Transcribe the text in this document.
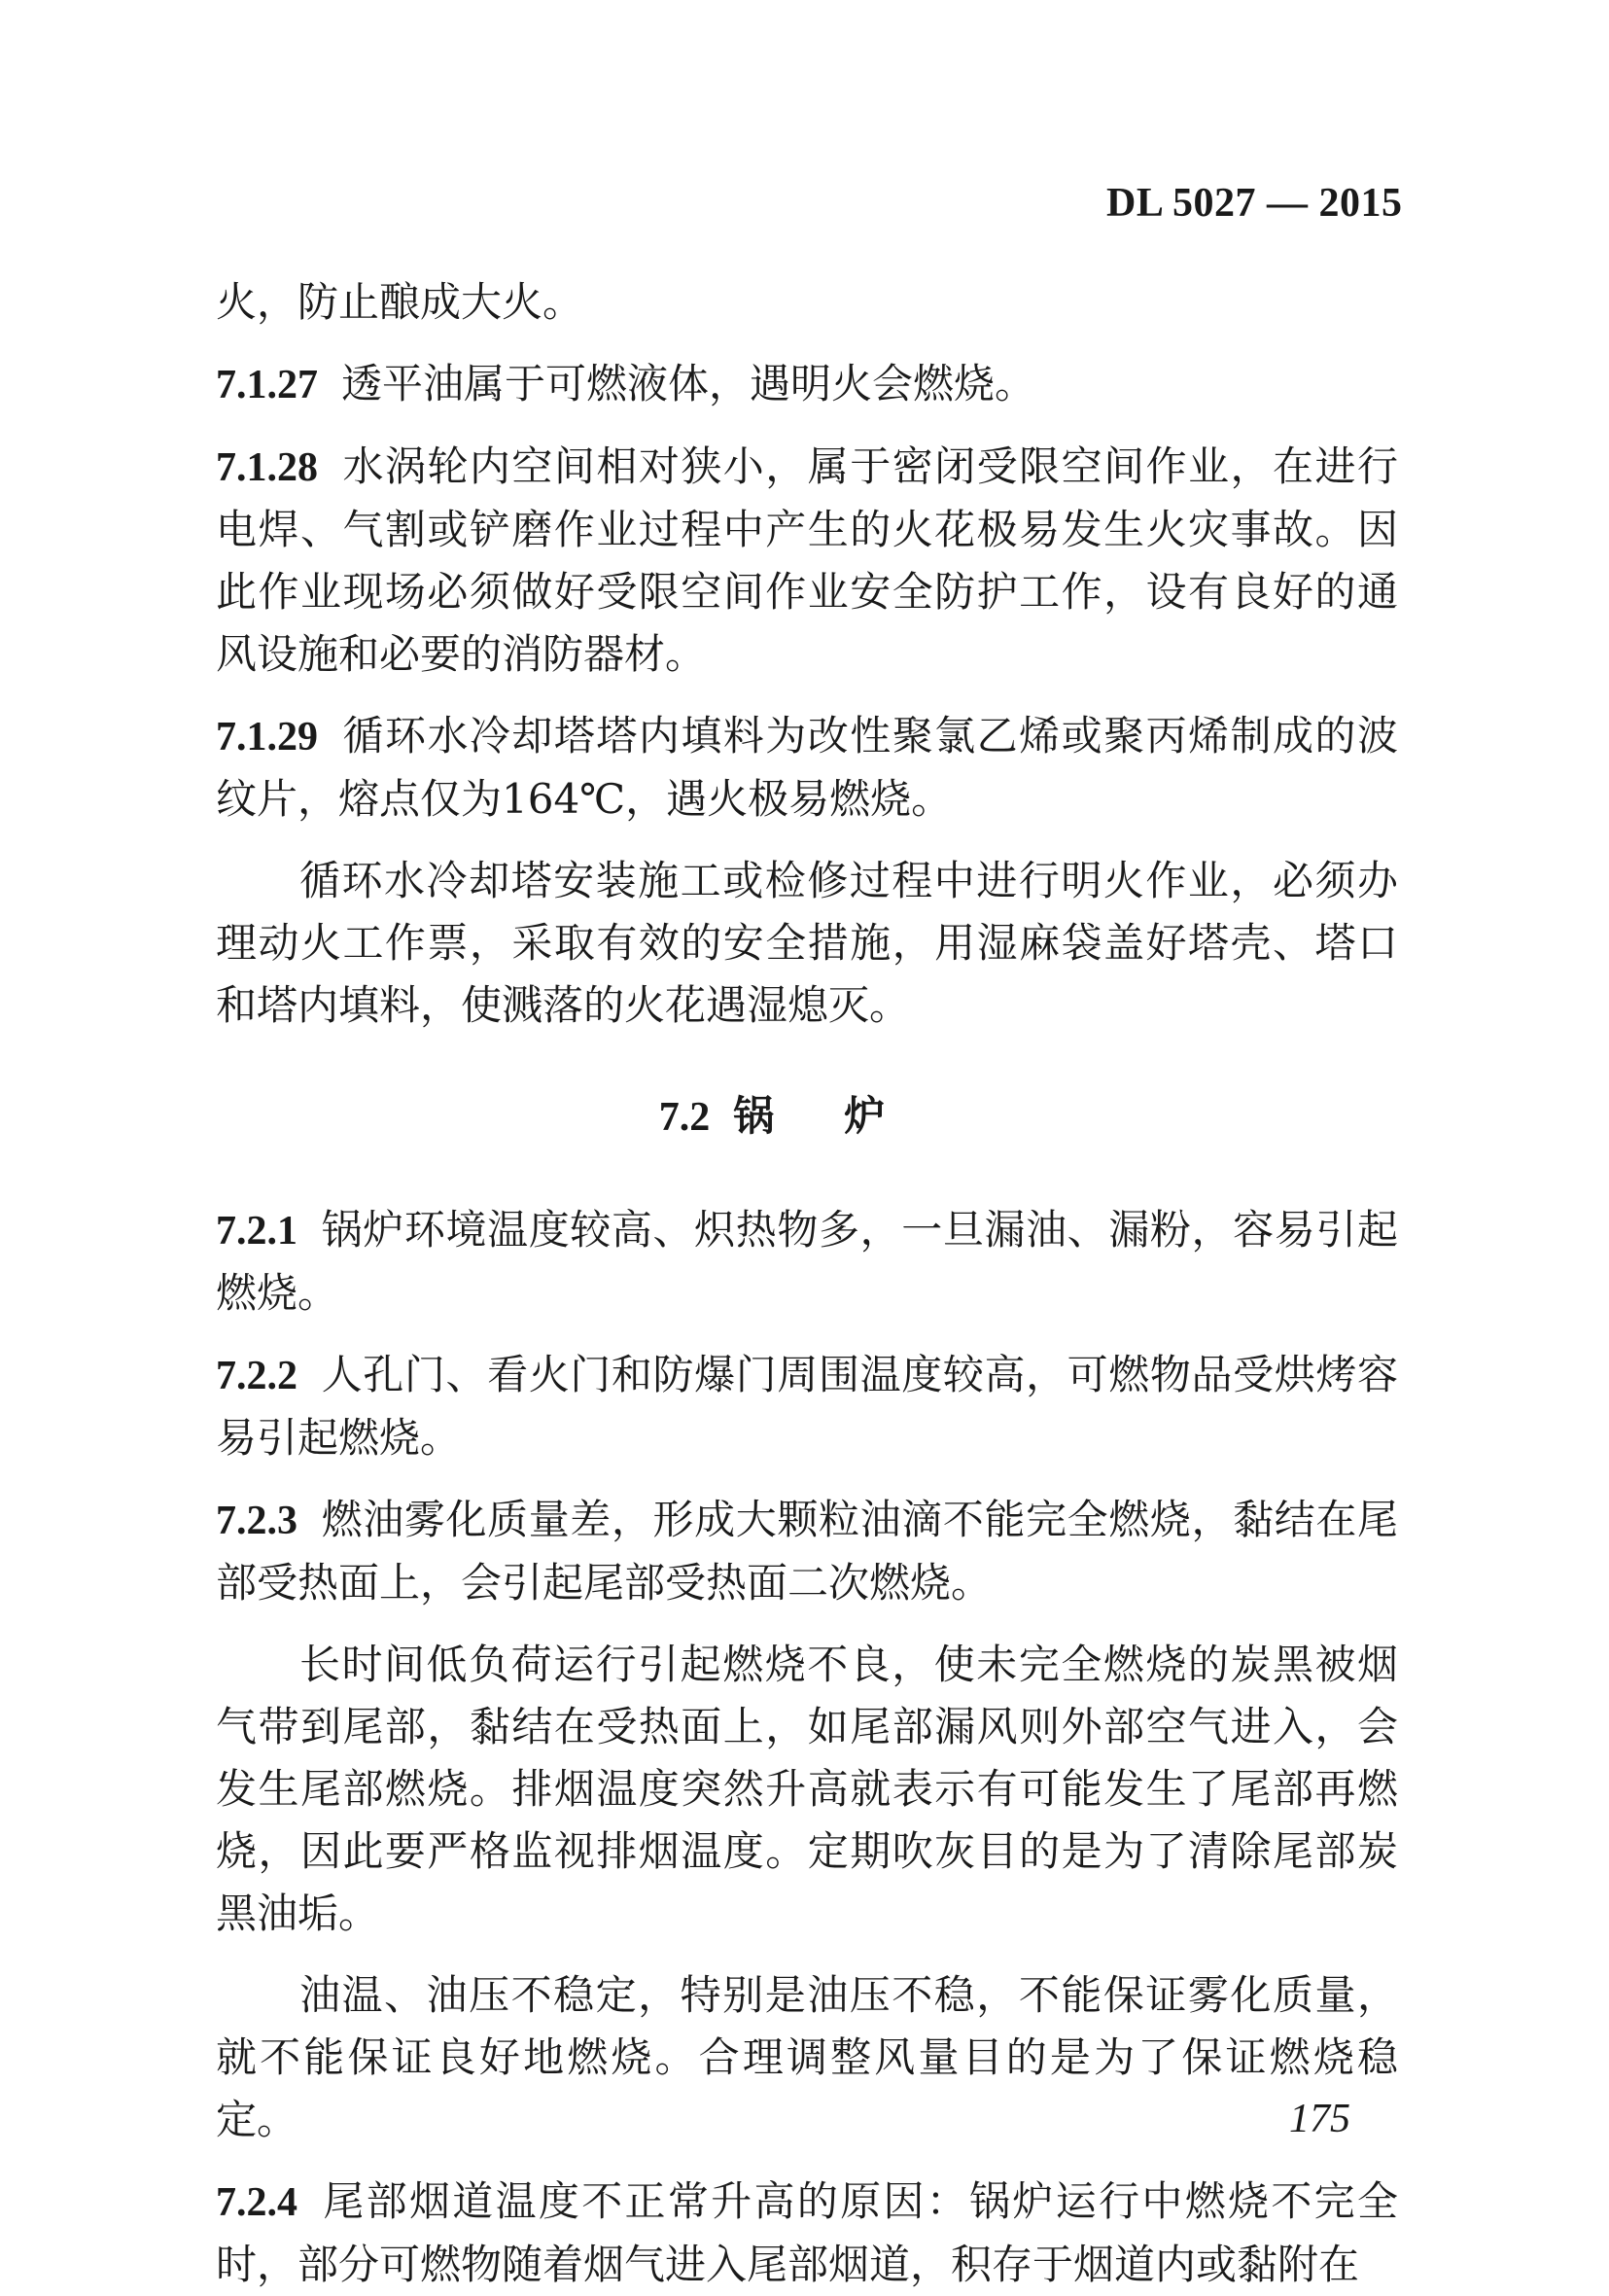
DL 5027 — 2015

火，防止酿成大火。

7.1.27 透平油属于可燃液体，遇明火会燃烧。

7.1.28 水涡轮内空间相对狭小，属于密闭受限空间作业，在进行电焊、气割或铲磨作业过程中产生的火花极易发生火灾事故。因此作业现场必须做好受限空间作业安全防护工作，设有良好的通风设施和必要的消防器材。

7.1.29 循环水冷却塔塔内填料为改性聚氯乙烯或聚丙烯制成的波纹片，熔点仅为164℃，遇火极易燃烧。

循环水冷却塔安装施工或检修过程中进行明火作业，必须办理动火工作票，采取有效的安全措施，用湿麻袋盖好塔壳、塔口和塔内填料，使溅落的火花遇湿熄灭。

7.2 锅炉

7.2.1 锅炉环境温度较高、炽热物多，一旦漏油、漏粉，容易引起燃烧。

7.2.2 人孔门、看火门和防爆门周围温度较高，可燃物品受烘烤容易引起燃烧。

7.2.3 燃油雾化质量差，形成大颗粒油滴不能完全燃烧，黏结在尾部受热面上，会引起尾部受热面二次燃烧。

长时间低负荷运行引起燃烧不良，使未完全燃烧的炭黑被烟气带到尾部，黏结在受热面上，如尾部漏风则外部空气进入，会发生尾部燃烧。排烟温度突然升高就表示有可能发生了尾部再燃烧，因此要严格监视排烟温度。定期吹灰目的是为了清除尾部炭黑油垢。

油温、油压不稳定，特别是油压不稳，不能保证雾化质量，就不能保证良好地燃烧。合理调整风量目的是为了保证燃烧稳定。

7.2.4 尾部烟道温度不正常升高的原因：锅炉运行中燃烧不完全时，部分可燃物随着烟气进入尾部烟道，积存于烟道内或黏附在

175
